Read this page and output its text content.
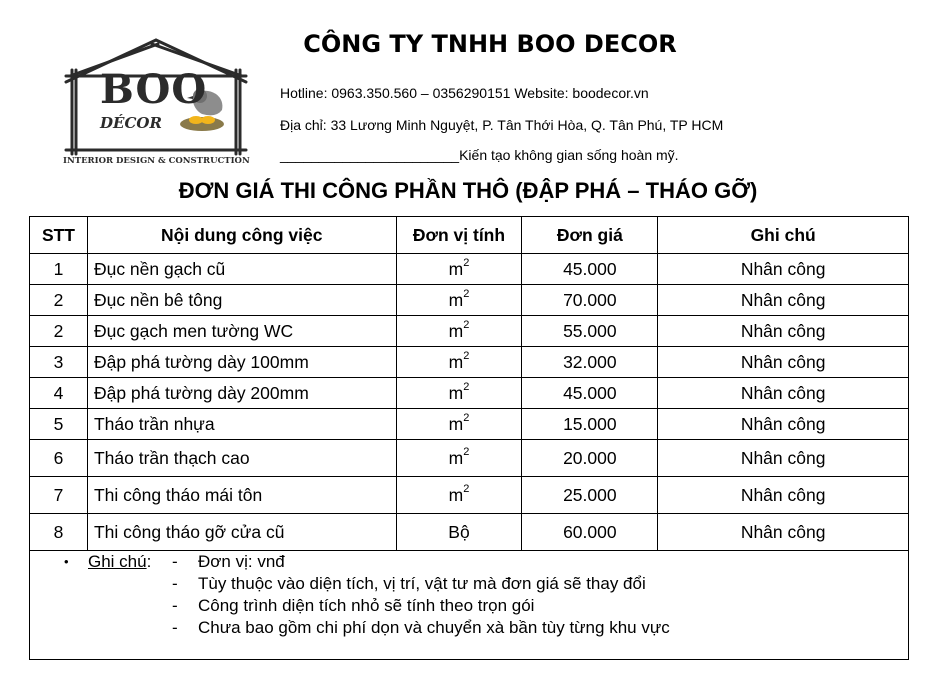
BOO
DÉCOR
INTERIOR DESIGN & CONSTRUCTION
CÔNG TY TNHH BOO DECOR
Hotline: 0963.350.560 – 0356290151 Website: boodecor.vn
Địa chỉ: 33 Lương Minh Nguyệt, P. Tân Thới Hòa, Q. Tân Phú, TP HCM
_______________________Kiến tạo không gian sống hoàn mỹ.
ĐƠN GIÁ THI CÔNG PHẦN THÔ (ĐẬP PHÁ – THÁO GỠ)
STT	Nội dung công việc	Đơn vị tính	Đơn giá	Ghi chú
1	Đục nền gạch cũ	$m^2$	45.000	Nhân công
2	Đục nền bê tông	$m^2$	70.000	Nhân công
2	Đục gạch men tường WC	$m^2$	55.000	Nhân công
3	Đập phá tường dày 100mm	$m^2$	32.000	Nhân công
4	Đập phá tường dày 200mm	$m^2$	45.000	Nhân công
5	Tháo trần nhựa	$m^2$	15.000	Nhân công
6	Tháo trần thạch cao	$m^2$	20.000	Nhân công
7	Thi công tháo mái tôn	$m^2$	25.000	Nhân công
8	Thi công tháo gỡ cửa cũ	Bộ	60.000	Nhân công
• Ghi chú: - Đơn vị: vnđ
- Tùy thuộc vào diện tích, vị trí, vật tư mà đơn giá sẽ thay đổi
- Công trình diện tích nhỏ sẽ tính theo trọn gói
- Chưa bao gồm chi phí dọn và chuyển xà bần tùy từng khu vực
